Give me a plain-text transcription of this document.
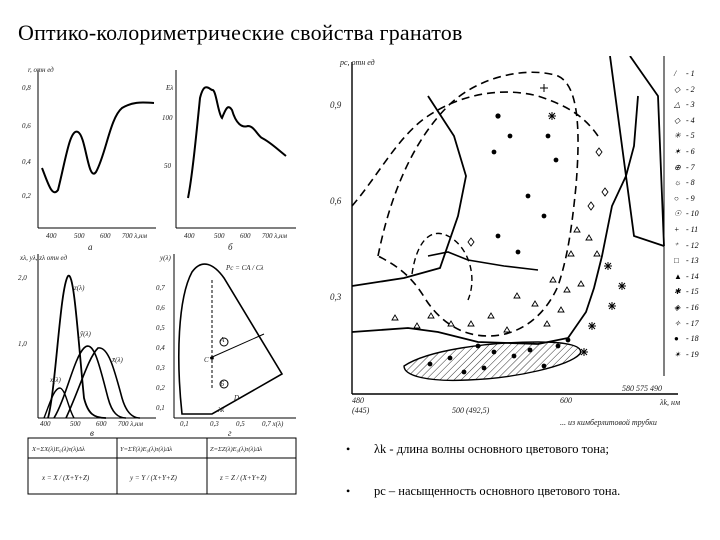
Оптико-колориметрические свойства гранатов
r, отн ед
0,8
0,6
0,4
0,2
400	500 600 700 λ,нм
а
Eλ
100
50
400	500 600 700 λ,нм
б
xλ, yλ, zλ отн ед
2,0
1,0
z(λ)
ȳ(λ)
x̄(λ)
x(λ)
400	500 600 700 λ,нм
в
y(λ)
Pc = CA / Cλ
0,7
0,6
0,5
0,4
0,3
0,2
0,1
A
Б
C
λk
D
0,1	0,3 0,5 0,7 x(λ)
г
X=ΣX(λ)E₀(λ)τ(λ)Δλ	Y=ΣȲ(λ)E₀(λ)τ(λ)Δλ	Z=ΣZ(λ)E₀(λ)τ(λ)Δλ
x = X / (X+Y+Z)	y = Y / (X+Y+Z)	z = Z / (X+Y+Z)
pc, отн ед
0,9
0,6
0,3
480
(445)	500 (492,5)
600
580 575 490
λk, нм
... из кимберлитовой трубки
/ - 1
◇ - 2
△ - 3
◇ - 4
✳ - 5
✶ - 6
⊕ - 7
☼ - 8
○ - 9
☉ - 10
+ - 11
⁺ - 12
□ - 13
▲ - 14
✱ - 15
◈ - 16
✧ - 17
● - 18
✴ - 19
•	λk - длина волны основного цветового тона;
•	pc – насыщенность основного цветового тона.
